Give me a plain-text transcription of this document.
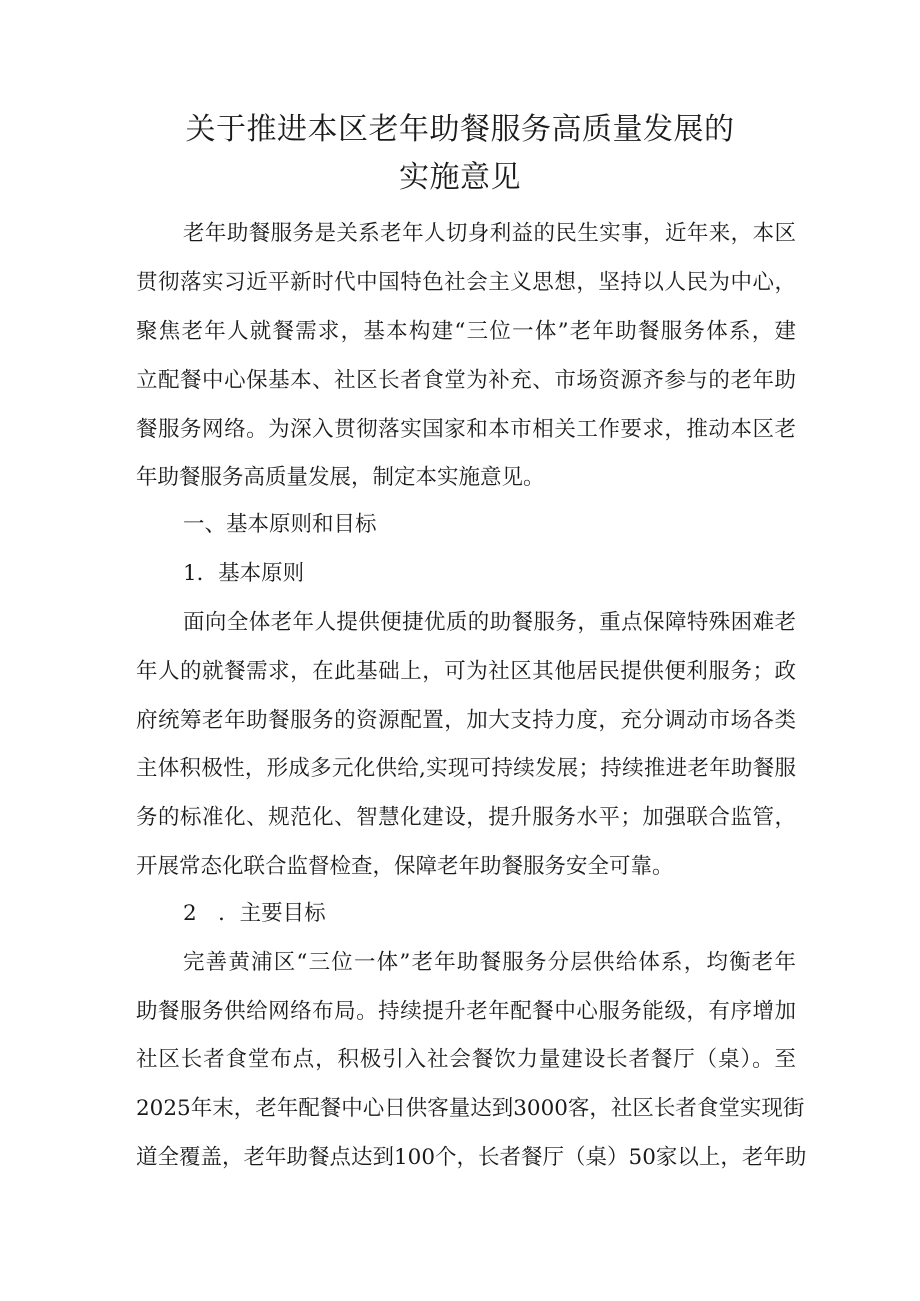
关于推进本区老年助餐服务高质量发展的
实施意见

老年助餐服务是关系老年人切身利益的民生实事，近年来，本区

贯彻落实习近平新时代中国特色社会主义思想，坚持以人民为中心，

聚焦老年人就餐需求，基本构建“三位一体”老年助餐服务体系，建

立配餐中心保基本、社区长者食堂为补充、市场资源齐参与的老年助

餐服务网络。为深入贯彻落实国家和本市相关工作要求，推动本区老

年助餐服务高质量发展，制定本实施意见。

一、基本原则和目标
1．基本原则

面向全体老年人提供便捷优质的助餐服务，重点保障特殊困难老

年人的就餐需求，在此基础上，可为社区其他居民提供便利服务；政

府统筹老年助餐服务的资源配置，加大支持力度，充分调动市场各类

主体积极性，形成多元化供给,实现可持续发展；持续推进老年助餐服

务的标准化、规范化、智慧化建设，提升服务水平；加强联合监管，

开展常态化联合监督检查，保障老年助餐服务安全可靠。

2　．主要目标

完善黄浦区“三位一体”老年助餐服务分层供给体系，均衡老年

助餐服务供给网络布局。持续提升老年配餐中心服务能级，有序增加

社区长者食堂布点，积极引入社会餐饮力量建设长者餐厅（桌）。至

2025年末，老年配餐中心日供客量达到3000客，社区长者食堂实现街

道全覆盖，老年助餐点达到100个，长者餐厅（桌）50家以上，老年助
